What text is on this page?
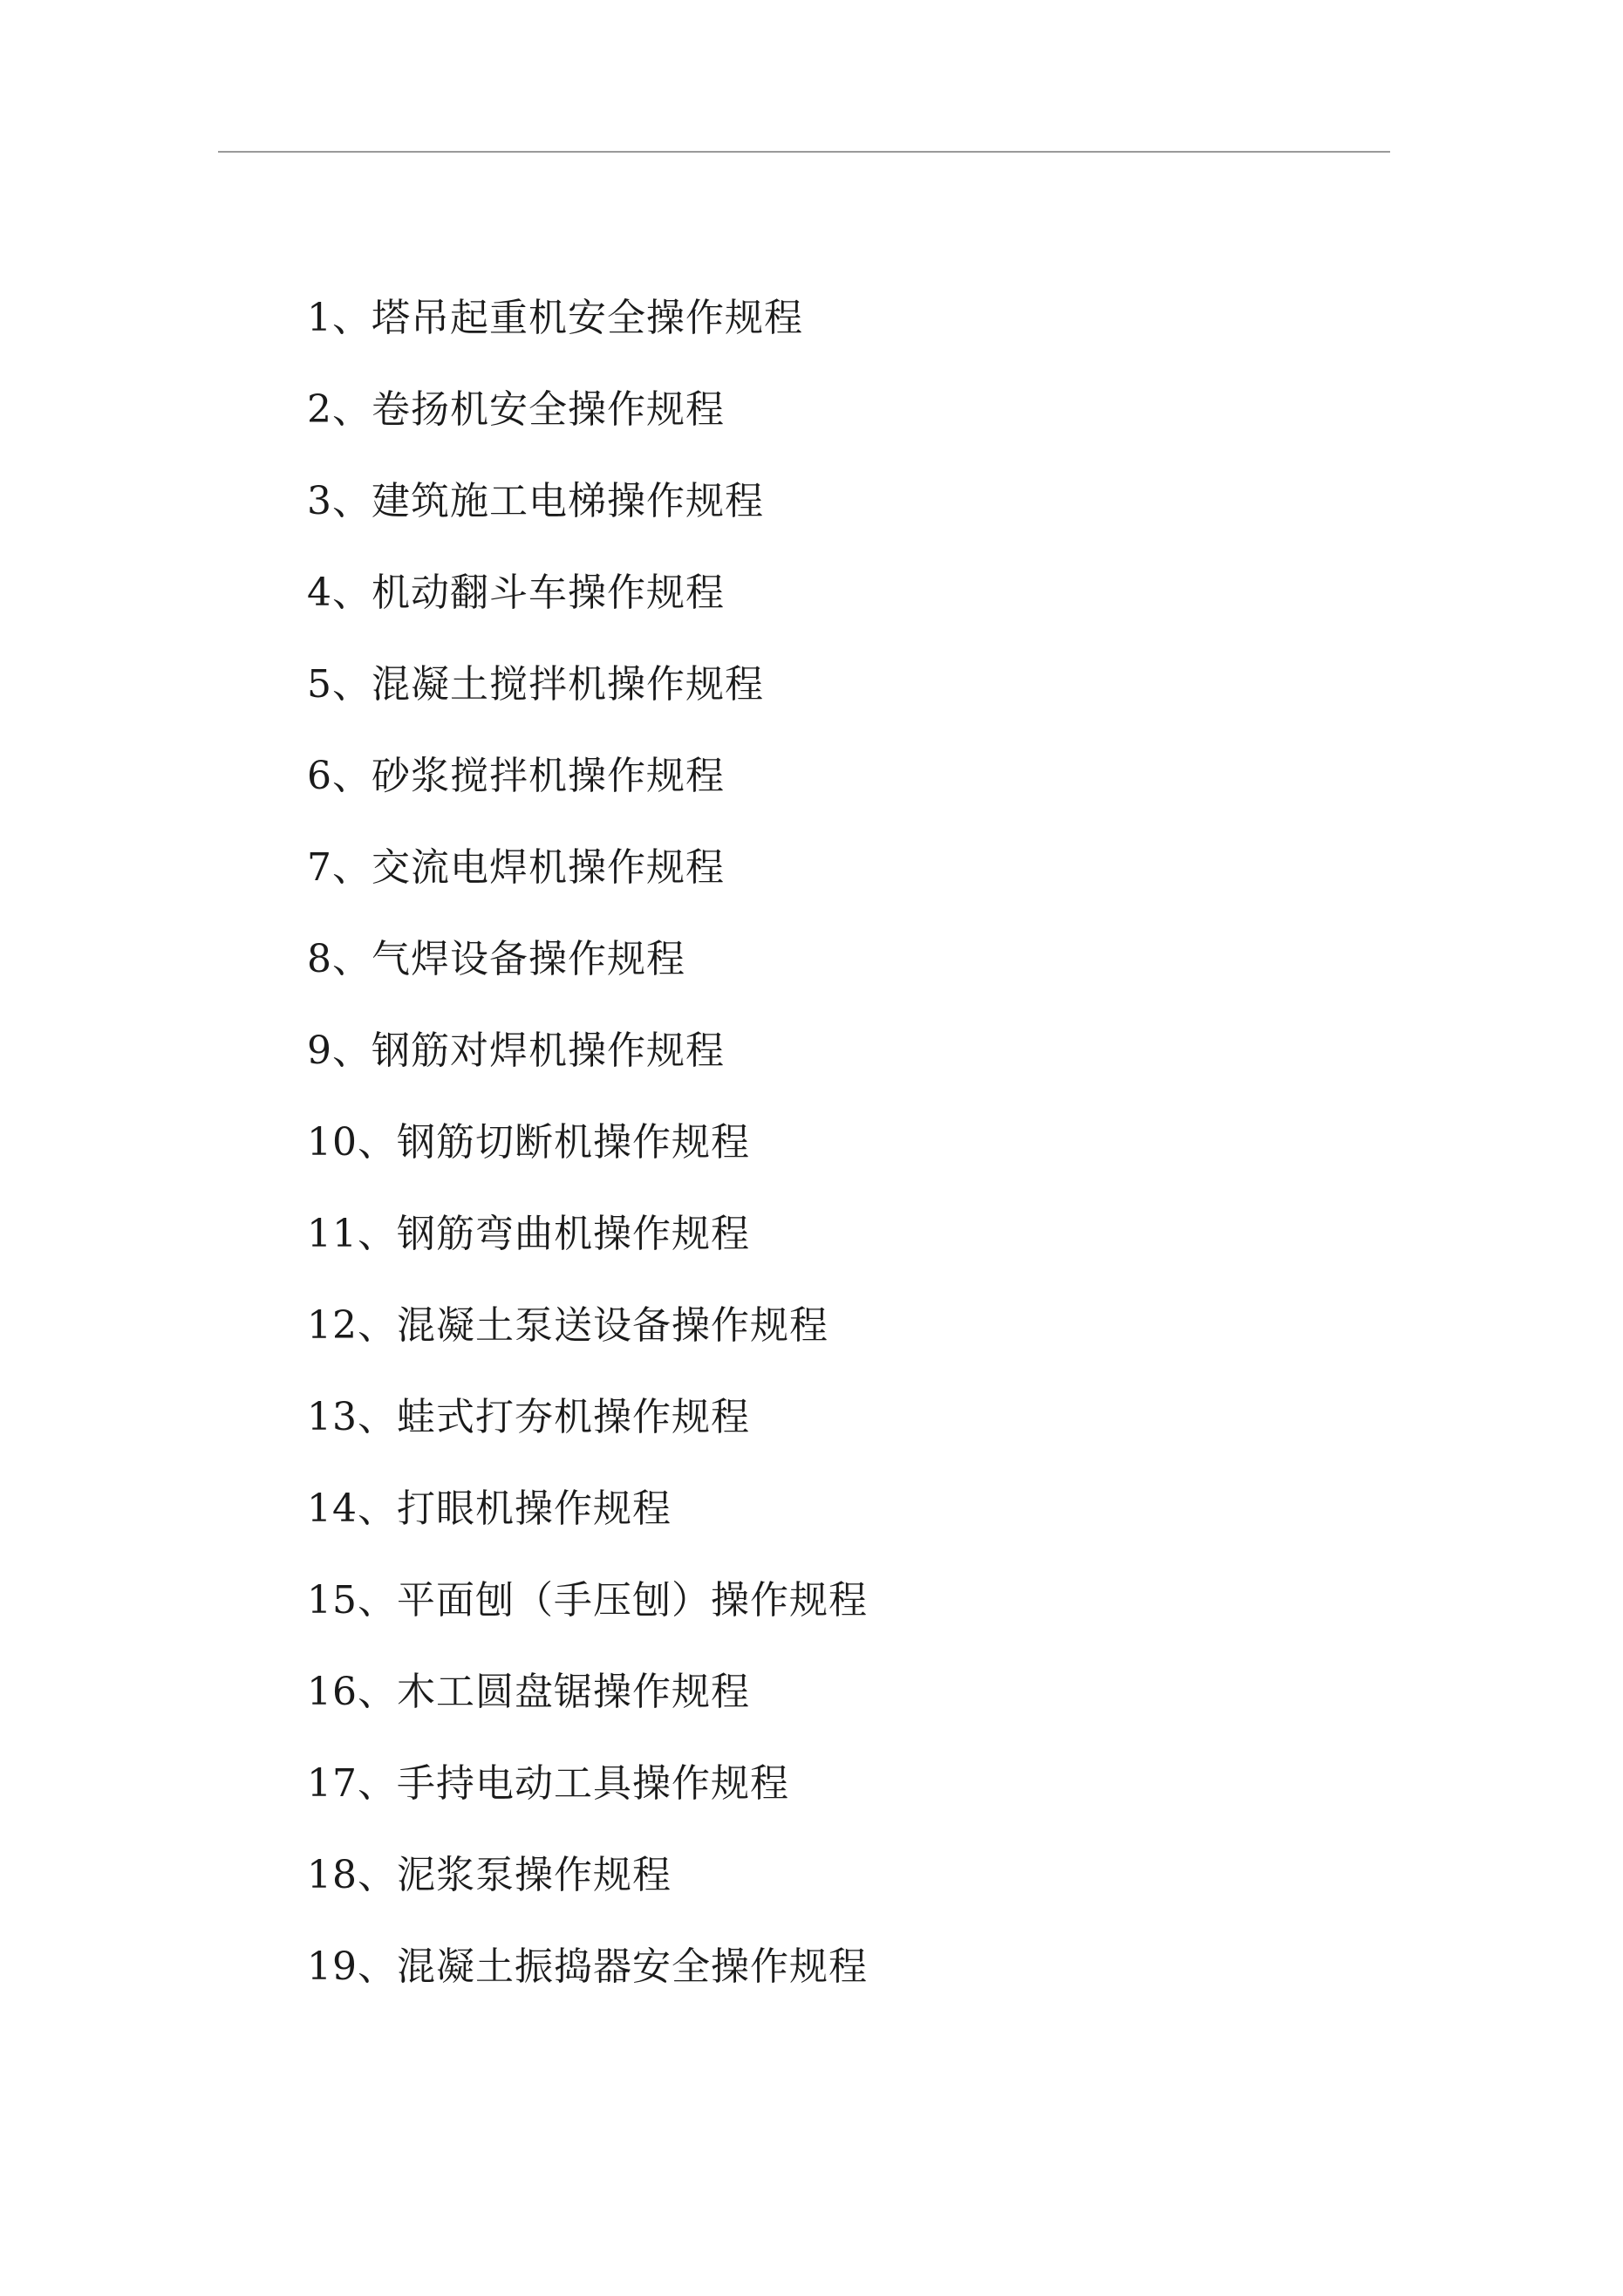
1、塔吊起重机安全操作规程
2、卷扬机安全操作规程
3、建筑施工电梯操作规程
4、机动翻斗车操作规程
5、混凝土搅拌机操作规程
6、砂浆搅拌机操作规程
7、交流电焊机操作规程
8、气焊设备操作规程
9、钢筋对焊机操作规程
10、钢筋切断机操作规程
11、钢筋弯曲机操作规程
12、混凝土泵送设备操作规程
13、蛙式打夯机操作规程
14、打眼机操作规程
15、平面刨（手压刨）操作规程
16、木工圆盘锯操作规程
17、手持电动工具操作规程
18、泥浆泵操作规程
19、混凝土振捣器安全操作规程
